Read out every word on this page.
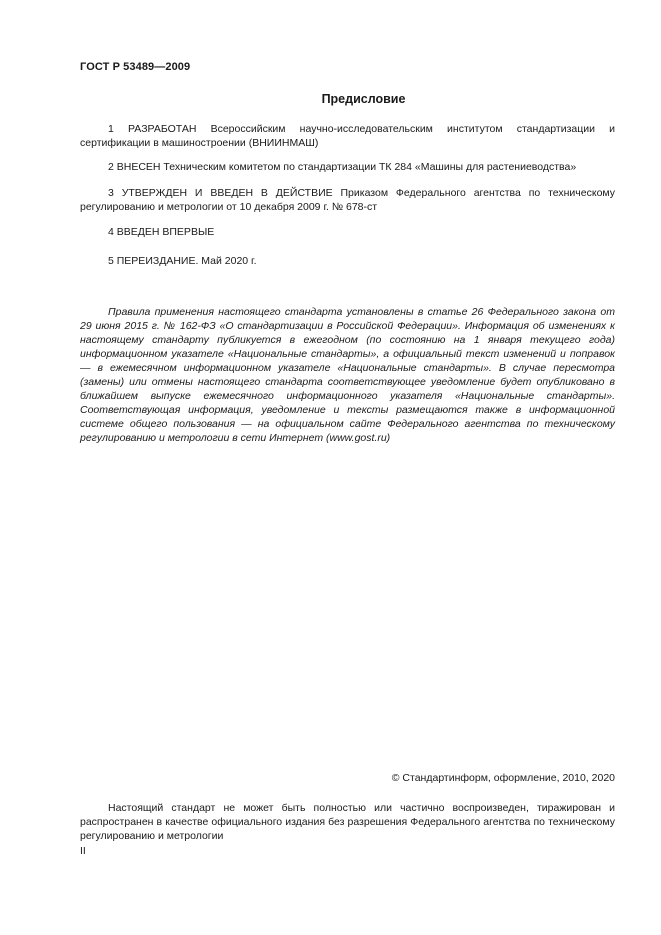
ГОСТ Р 53489—2009
Предисловие
1 РАЗРАБОТАН Всероссийским научно-исследовательским институтом стандартизации и сертификации в машиностроении (ВНИИНМАШ)
2 ВНЕСЕН Техническим комитетом по стандартизации ТК 284 «Машины для растениеводства»
3 УТВЕРЖДЕН И ВВЕДЕН В ДЕЙСТВИЕ Приказом Федерального агентства по техническому регулированию и метрологии от 10 декабря 2009 г. № 678-ст
4 ВВЕДЕН ВПЕРВЫЕ
5 ПЕРЕИЗДАНИЕ. Май 2020 г.
Правила применения настоящего стандарта установлены в статье 26 Федерального закона от 29 июня 2015 г. № 162-ФЗ «О стандартизации в Российской Федерации». Информация об изменениях к настоящему стандарту публикуется в ежегодном (по состоянию на 1 января текущего года) информационном указателе «Национальные стандарты», а официальный текст изменений и поправок — в ежемесячном информационном указателе «Национальные стандарты». В случае пересмотра (замены) или отмены настоящего стандарта соответствующее уведомление будет опубликовано в ближайшем выпуске ежемесячного информационного указателя «Национальные стандарты». Соответствующая информация, уведомление и тексты размещаются также в информационной системе общего пользования — на официальном сайте Федерального агентства по техническому регулированию и метрологии в сети Интернет (www.gost.ru)
© Стандартинформ, оформление, 2010, 2020
Настоящий стандарт не может быть полностью или частично воспроизведен, тиражирован и распространен в качестве официального издания без разрешения Федерального агентства по техническому регулированию и метрологии
II
